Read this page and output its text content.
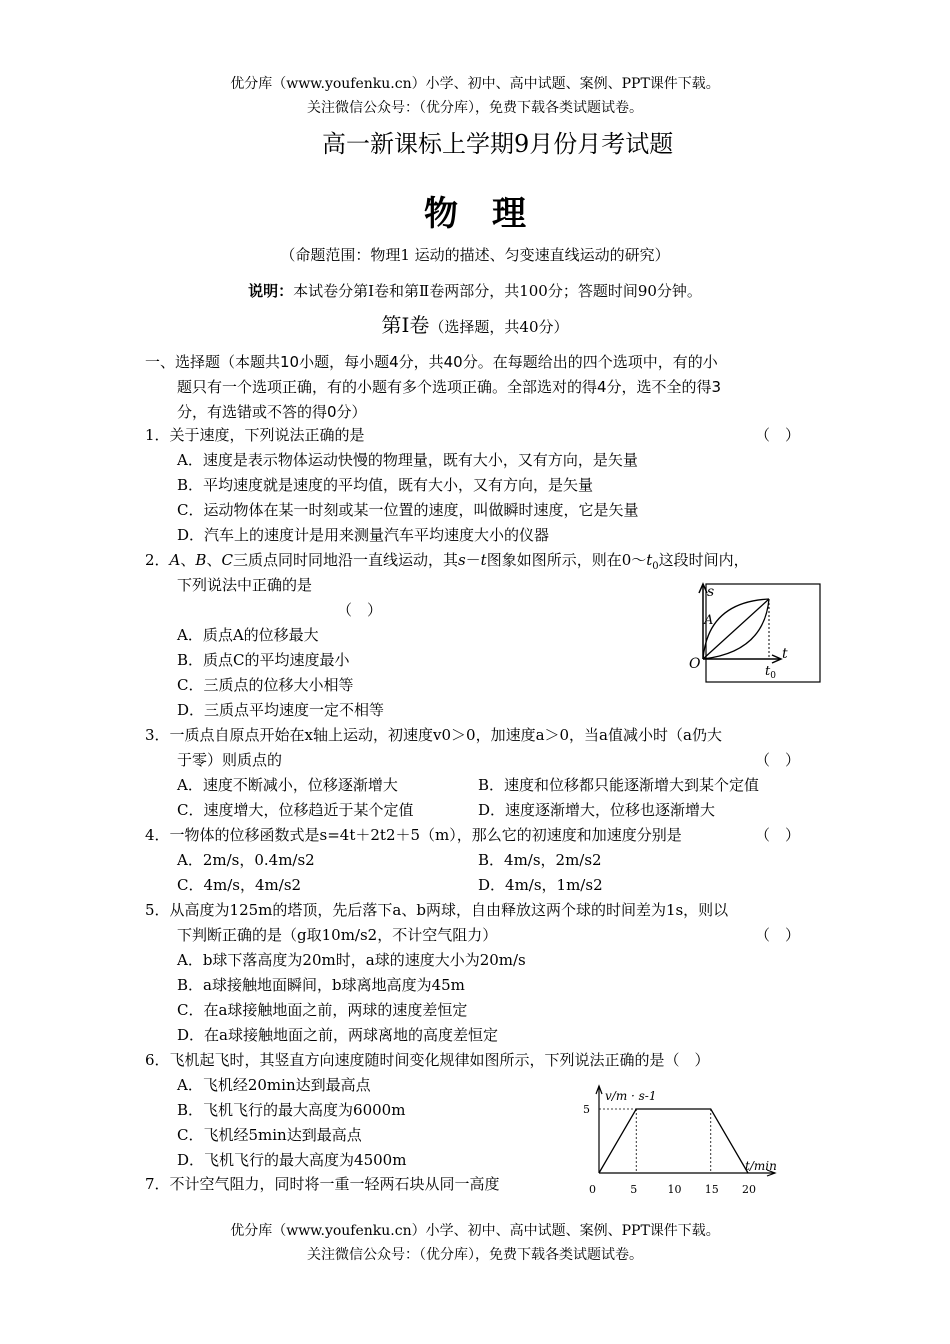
优分库（www.youfenku.cn）小学、初中、高中试题、案例、PPT课件下载。
关注微信公众号：（优分库），免费下载各类试题试卷。
高一新课标上学期9月份月考试题
物　理
（命题范围：物理1 运动的描述、匀变速直线运动的研究）
说明：本试卷分第Ⅰ卷和第Ⅱ卷两部分，共100分；答题时间90分钟。
第Ⅰ卷（选择题，共40分）
一、选择题（本题共10小题，每小题4分，共40分。在每题给出的四个选项中，有的小
题只有一个选项正确，有的小题有多个选项正确。全部选对的得4分，选不全的得3
分，有选错或不答的得0分）
1．关于速度，下列说法正确的是	（　）
A．速度是表示物体运动快慢的物理量，既有大小，又有方向，是矢量
B．平均速度就是速度的平均值，既有大小，又有方向，是矢量
C．运动物体在某一时刻或某一位置的速度，叫做瞬时速度，它是矢量
D．汽车上的速度计是用来测量汽车平均速度大小的仪器
2．A、B、C三质点同时同地沿一直线运动，其s－t图象如图所示，则在$0\sim t_0$这段时间内，
下列说法中正确的是
（　）
A．质点A的位移最大
B．质点C的平均速度最小
C．三质点的位移大小相等
D．三质点平均速度一定不相等
s
t
O
A
$t_0$
3．一质点自原点开始在x轴上运动，初速度v0＞0，加速度a＞0，当a值减小时（a仍大
于零）则质点的	（　）
A．速度不断减小，位移逐渐增大	B．速度和位移都只能逐渐增大到某个定值
C．速度增大，位移趋近于某个定值	D．速度逐渐增大，位移也逐渐增大
4．一物体的位移函数式是s=4t＋2t2＋5（m），那么它的初速度和加速度分别是	（　）
A．2m/s，0.4m/s2	B．4m/s，2m/s2
C．4m/s，4m/s2	D．4m/s，1m/s2
5．从高度为125m的塔顶，先后落下a、b两球，自由释放这两个球的时间差为1s，则以
下判断正确的是（g取10m/s2，不计空气阻力）	（　）
A．b球下落高度为20m时，a球的速度大小为20m/s
B．a球接触地面瞬间，b球离地高度为45m
C．在a球接触地面之前，两球的速度差恒定
D．在a球接触地面之前，两球离地的高度差恒定
6．飞机起飞时，其竖直方向速度随时间变化规律如图所示，下列说法正确的是（　）
A．飞机经20min达到最高点
B．飞机飞行的最大高度为6000m
C．飞机经5min达到最高点
D．飞机飞行的最大高度为4500m
0	5	10 15 20
5
v/m · s-1
t/min
7．不计空气阻力，同时将一重一轻两石块从同一高度
优分库（www.youfenku.cn）小学、初中、高中试题、案例、PPT课件下载。
关注微信公众号：（优分库），免费下载各类试题试卷。
